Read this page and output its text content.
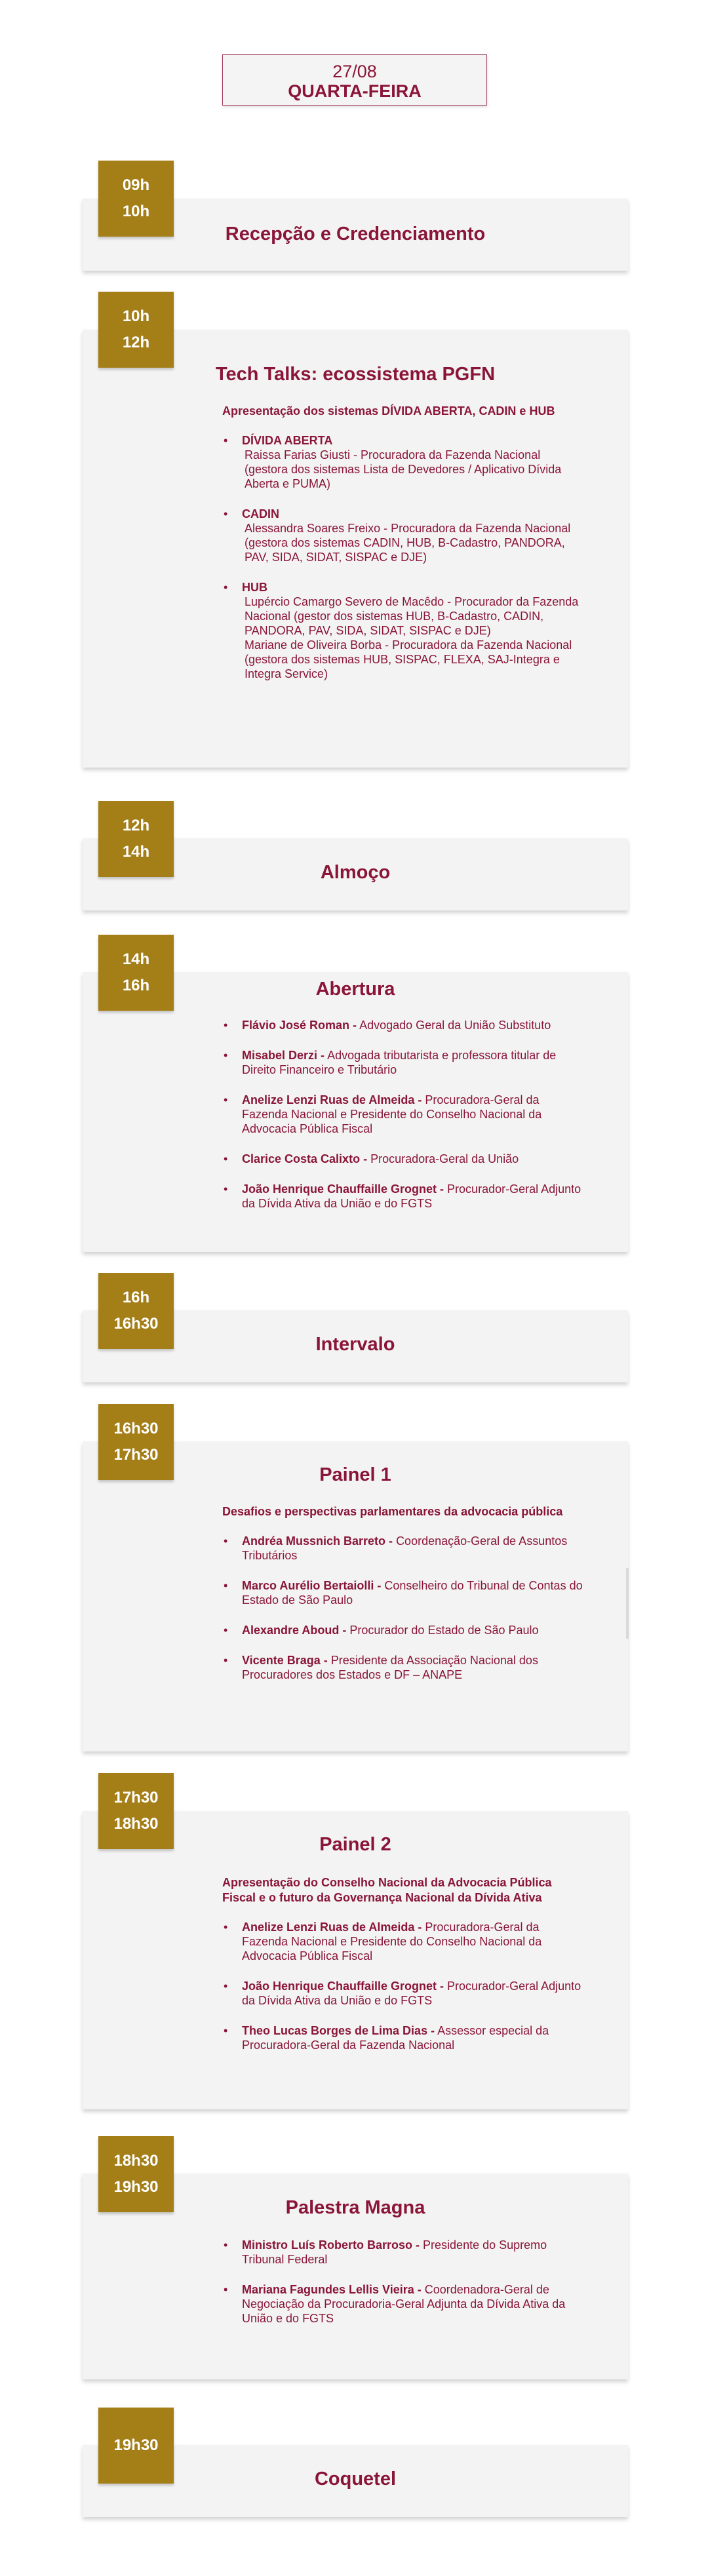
27/08
QUARTA-FEIRA
Recepção e Credenciamento
09h
10h
Tech Talks: ecossistema PGFN
Apresentação dos sistemas DÍVIDA ABERTA, CADIN e HUB
• DÍVIDA ABERTA
Raissa Farias Giusti - Procuradora da Fazenda Nacional (gestora dos sistemas Lista de Devedores / Aplicativo Dívida Aberta e PUMA)
• CADIN
Alessandra Soares Freixo - Procuradora da Fazenda Nacional (gestora dos sistemas CADIN, HUB, B-Cadastro, PANDORA, PAV, SIDA, SIDAT, SISPAC e DJE)
• HUB
Lupércio Camargo Severo de Macêdo - Procurador da Fazenda Nacional (gestor dos sistemas HUB, B-Cadastro, CADIN, PANDORA, PAV, SIDA, SIDAT, SISPAC e DJE)
Mariane de Oliveira Borba - Procuradora da Fazenda Nacional (gestora dos sistemas HUB, SISPAC, FLEXA, SAJ-Integra e Integra Service)
10h
12h
Almoço
12h
14h
Abertura
• Flávio José Roman - Advogado Geral da União Substituto
• Misabel Derzi - Advogada tributarista e professora titular de Direito Financeiro e Tributário
• Anelize Lenzi Ruas de Almeida - Procuradora-Geral da Fazenda Nacional e Presidente do Conselho Nacional da Advocacia Pública Fiscal
• Clarice Costa Calixto - Procuradora-Geral da União
• João Henrique Chauffaille Grognet - Procurador-Geral Adjunto da Dívida Ativa da União e do FGTS
14h
16h
Intervalo
16h
16h30
Painel 1
Desafios e perspectivas parlamentares da advocacia pública
• Andréa Mussnich Barreto - Coordenação-Geral de Assuntos Tributários
• Marco Aurélio Bertaiolli - Conselheiro do Tribunal de Contas do Estado de São Paulo
• Alexandre Aboud - Procurador do Estado de São Paulo
• Vicente Braga - Presidente da Associação Nacional dos Procuradores dos Estados e DF – ANAPE
16h30
17h30
Painel 2
Apresentação do Conselho Nacional da Advocacia Pública Fiscal e o futuro da Governança Nacional da Dívida Ativa
• Anelize Lenzi Ruas de Almeida - Procuradora-Geral da Fazenda Nacional e Presidente do Conselho Nacional da Advocacia Pública Fiscal
• João Henrique Chauffaille Grognet - Procurador-Geral Adjunto da Dívida Ativa da União e do FGTS
• Theo Lucas Borges de Lima Dias - Assessor especial da Procuradora-Geral da Fazenda Nacional
17h30
18h30
Palestra Magna
• Ministro Luís Roberto Barroso - Presidente do Supremo Tribunal Federal
• Mariana Fagundes Lellis Vieira - Coordenadora-Geral de Negociação da Procuradoria-Geral Adjunta da Dívida Ativa da União e do FGTS
18h30
19h30
Coquetel
19h30
